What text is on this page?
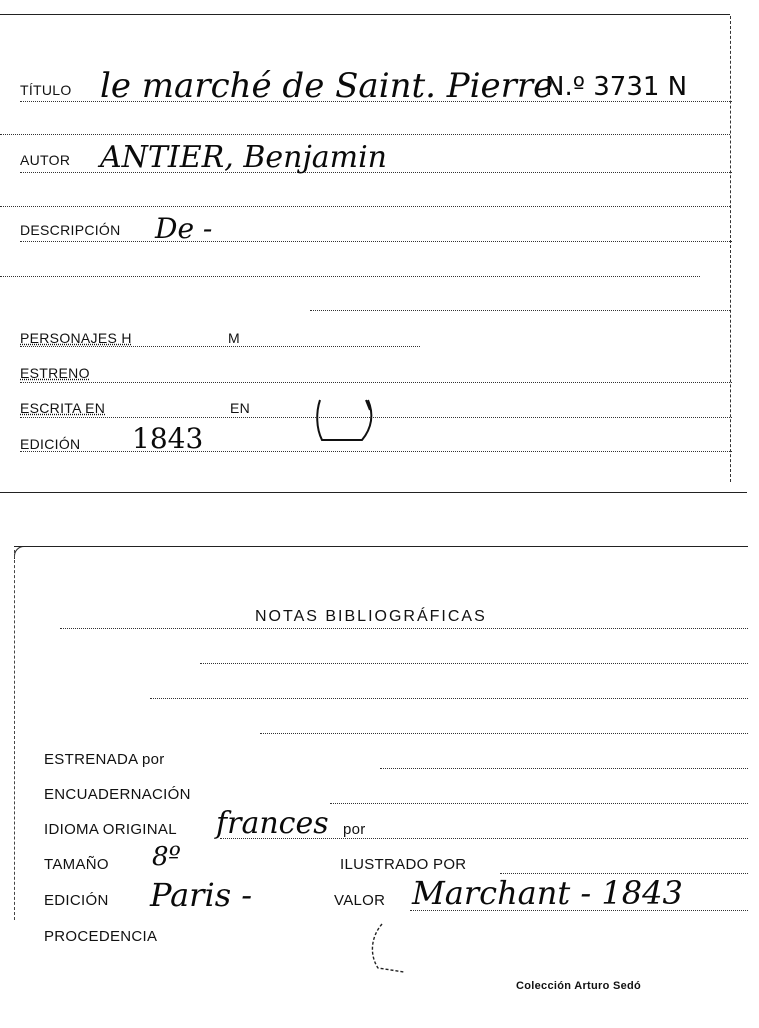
TÍTULO le marché de Saint. Pierre
N.º 3731 N
AUTOR ANTIER, Benjamin
DESCRIPCIÓN De -
PERSONAJES H	M
ESTRENO
ESCRITA EN	EN
EDICIÓN 1843
NOTAS BIBLIOGRÁFICAS
ESTRENADA por
ENCUADERNACIÓN
IDIOMA ORIGINAL frances por
TAMAÑO 8º	ILUSTRADO POR
EDICIÓN Paris -	VALOR Marchant - 1843
PROCEDENCIA
Colección Arturo Sedó
